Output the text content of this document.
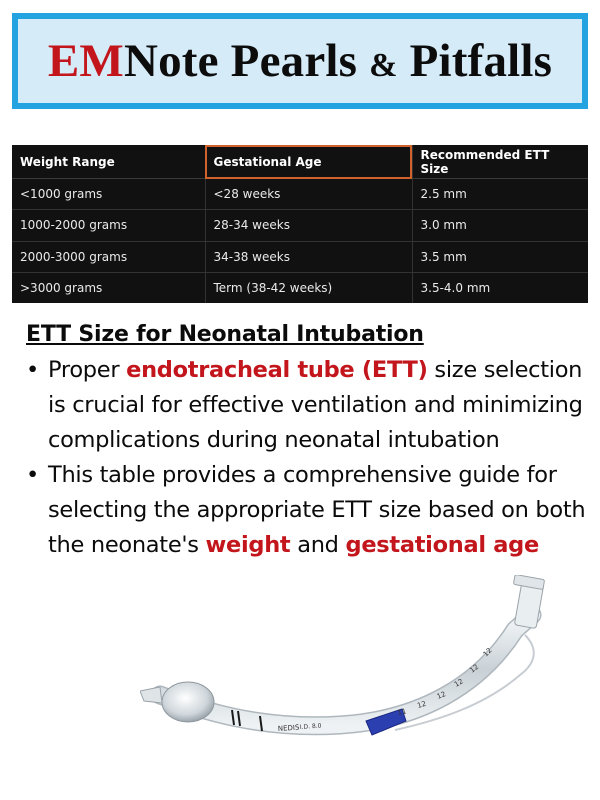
EMNote Pearls & Pitfalls
Weight Range	Gestational Age	Recommended ETT Size
<1000 grams	<28 weeks	2.5 mm
1000-2000 grams	28-34 weeks	3.0 mm
2000-3000 grams	34-38 weeks	3.5 mm
>3000 grams	Term (38-42 weeks)	3.5-4.0 mm
ETT Size for Neonatal Intubation
• Proper endotracheal tube (ETT) size selection is crucial for effective ventilation and minimizing complications during neonatal intubation
• This table provides a comprehensive guide for selecting the appropriate ETT size based on both the neonate's weight and gestational age
NEDIS I.D. 8.0
11
12
12
12
12
12
